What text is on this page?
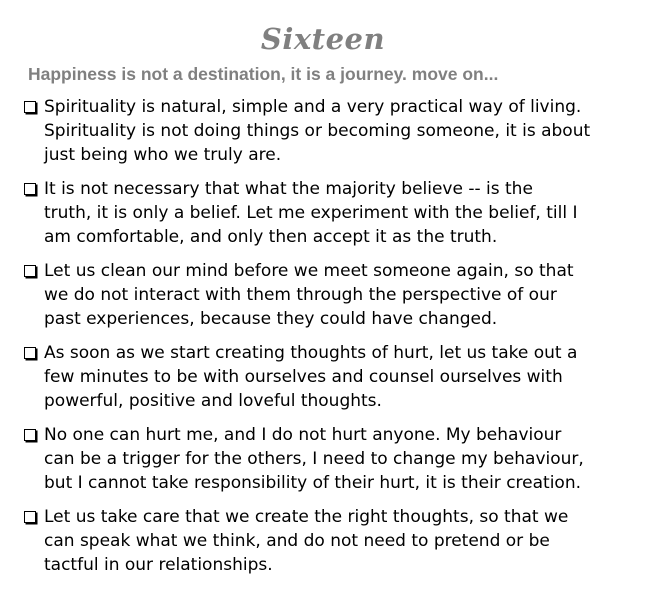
Sixteen
Happiness is not a destination, it is a journey. move on...
Spirituality is natural, simple and a very practical way of living.
Spirituality is not doing things or becoming someone, it is about
just being who we truly are.
It is not necessary that what the majority believe -- is the
truth, it is only a belief. Let me experiment with the belief, till I
am comfortable, and only then accept it as the truth.
Let us clean our mind before we meet someone again, so that
we do not interact with them through the perspective of our
past experiences, because they could have changed.
As soon as we start creating thoughts of hurt, let us take out a
few minutes to be with ourselves and counsel ourselves with
powerful, positive and loveful thoughts.
No one can hurt me, and I do not hurt anyone. My behaviour
can be a trigger for the others, I need to change my behaviour,
but I cannot take responsibility of their hurt, it is their creation.
Let us take care that we create the right thoughts, so that we
can speak what we think, and do not need to pretend or be
tactful in our relationships.
